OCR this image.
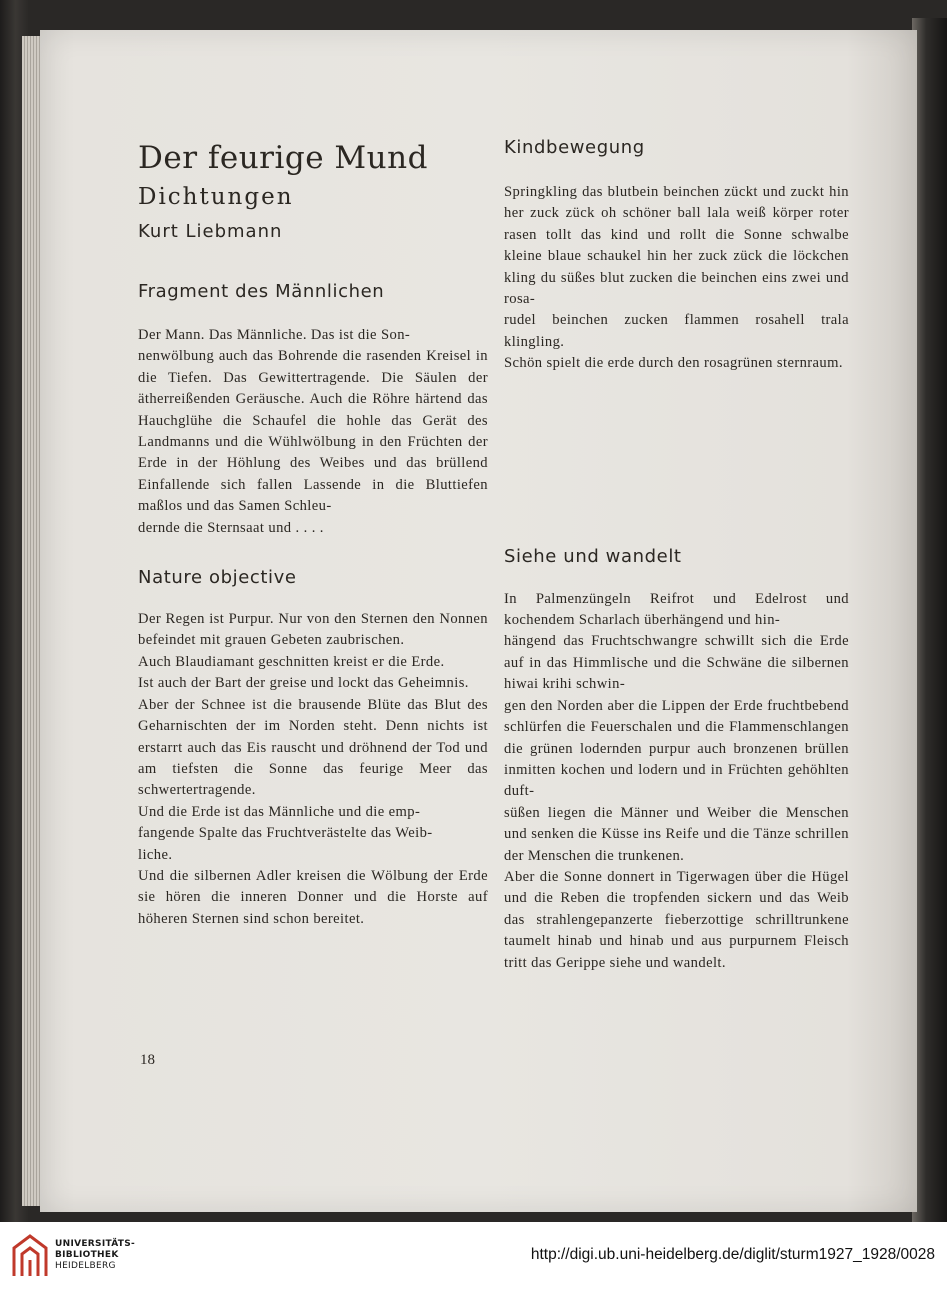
Der feurige Mund
Dichtungen
Kurt Liebmann
Fragment des Männlichen

Der Mann. Das Männliche. Das ist die Son-
nenwölbung auch das Bohrende die rasenden Kreisel in die Tiefen. Das Gewittertragende. Die Säulen der ätherreißenden Geräusche. Auch die Röhre härtend das Hauchglühe die Schaufel die hohle das Gerät des Landmanns und die Wühlwölbung in den Früchten der Erde in der Höhlung des Weibes und das brüllend Einfallende sich fallen Lassende in die Bluttiefen maßlos und das Samen Schleu-
dernde die Sternsaat und . . . .

Nature objective

Der Regen ist Purpur. Nur von den Sternen den Nonnen befeindet mit grauen Gebeten zaubrischen.

Auch Blaudiamant geschnitten kreist er die Erde.

Ist auch der Bart der greise und lockt das Geheimnis.

Aber der Schnee ist die brausende Blüte das Blut des Geharnischten der im Norden steht. Denn nichts ist erstarrt auch das Eis rauscht und dröhnend der Tod und am tiefsten die Sonne das feurige Meer das schwertertragende.

Und die Erde ist das Männliche und die emp-
fangende Spalte das Fruchtverästelte das Weib-
liche.

Und die silbernen Adler kreisen die Wölbung der Erde sie hören die inneren Donner und die Horste auf höheren Sternen sind schon bereitet.

Kindbewegung

Springkling das blutbein beinchen zückt und zuckt hin her zuck zück oh schöner ball lala weiß körper roter rasen tollt das kind und rollt die Sonne schwalbe kleine blaue schaukel hin her zuck zück die löckchen kling du süßes blut zucken die beinchen eins zwei und rosa-
rudel beinchen zucken flammen rosahell trala klingling.

Schön spielt die erde durch den rosagrünen sternraum.

Siehe und wandelt

In Palmenzüngeln Reifrot und Edelrost und kochendem Scharlach überhängend und hin-
hängend das Fruchtschwangre schwillt sich die Erde auf in das Himmlische und die Schwäne die silbernen hiwai krihi schwin-
gen den Norden aber die Lippen der Erde fruchtbebend schlürfen die Feuerschalen und die Flammenschlangen die grünen lodernden purpur auch bronzenen brüllen inmitten kochen und lodern und in Früchten gehöhlten duft-
süßen liegen die Männer und Weiber die Menschen und senken die Küsse ins Reife und die Tänze schrillen der Menschen die trunkenen.

Aber die Sonne donnert in Tigerwagen über die Hügel und die Reben die tropfenden sickern und das Weib das strahlengepanzerte fieberzottige schrilltrunkene taumelt hinab und hinab und aus purpurnem Fleisch tritt das Gerippe siehe und wandelt.

18
UNIVERSITÄTS-
BIBLIOTHEK
HEIDELBERG
http://digi.ub.uni-heidelberg.de/diglit/sturm1927_1928/0028
